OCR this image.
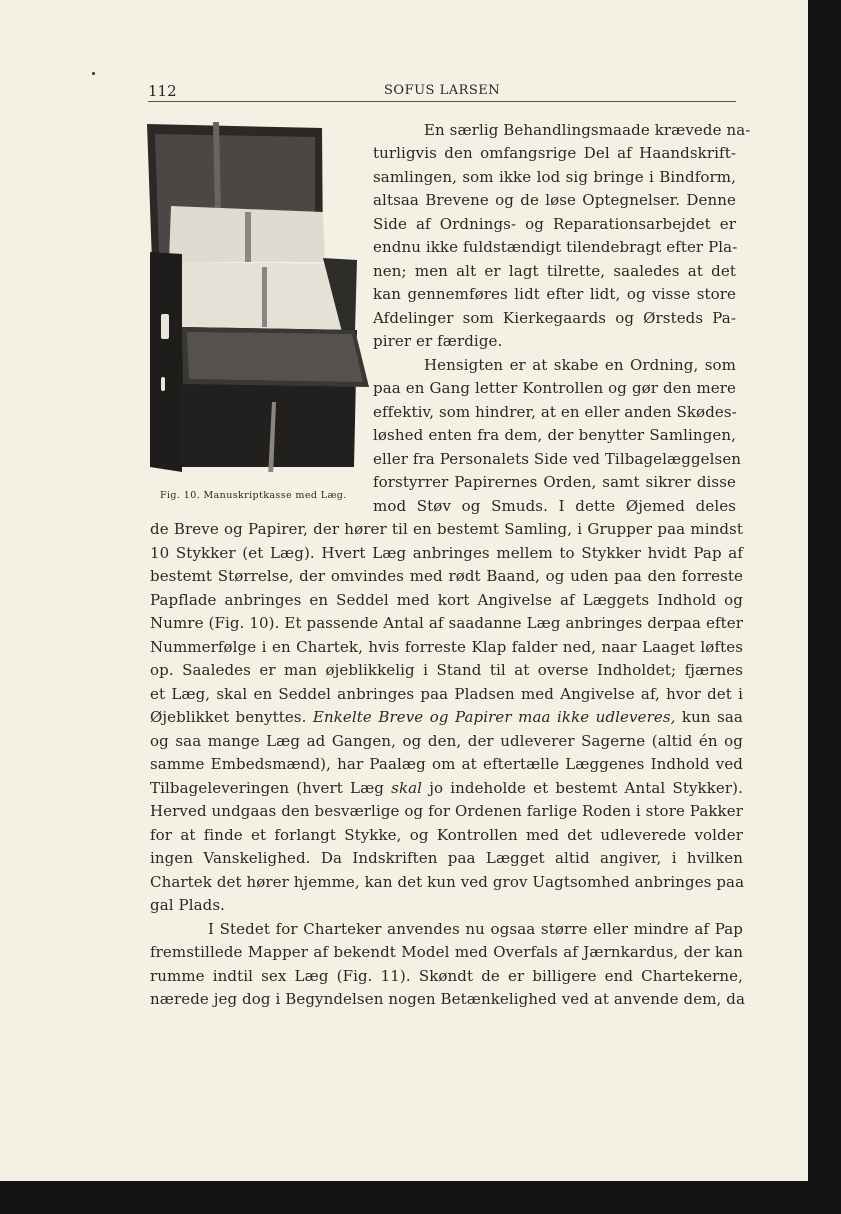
112	SOFUS LARSEN
Fig. 10. Manuskriptkasse med Læg.
En særlig Behandlingsmaade krævede na-
turligvis den omfangsrige Del af Haandskrift-
samlingen, som ikke lod sig bringe i Bindform,
altsaa Brevene og de løse Optegnelser. Denne
Side af Ordnings- og Reparationsarbejdet er
endnu ikke fuldstændigt tilendebragt efter Pla-
nen; men alt er lagt tilrette, saaledes at det
kan gennemføres lidt efter lidt, og visse store
Afdelinger som Kierkegaards og Ørsteds Pa-
pirer er færdige.
Hensigten er at skabe en Ordning, som
paa en Gang letter Kontrollen og gør den mere
effektiv, som hindrer, at en eller anden Skødes-
løshed enten fra dem, der benytter Samlingen,
eller fra Personalets Side ved Tilbagelæggelsen
forstyrrer Papirernes Orden, samt sikrer disse
mod Støv og Smuds. I dette Øjemed deles
de Breve og Papirer, der hører til en bestemt Samling, i Grupper paa mindst
10 Stykker (et Læg). Hvert Læg anbringes mellem to Stykker hvidt Pap af
bestemt Størrelse, der omvindes med rødt Baand, og uden paa den forreste
Papflade anbringes en Seddel med kort Angivelse af Læggets Indhold og
Numre (Fig. 10). Et passende Antal af saadanne Læg anbringes derpaa efter
Nummerfølge i en Chartek, hvis forreste Klap falder ned, naar Laaget løftes
op. Saaledes er man øjeblikkelig i Stand til at overse Indholdet; fjærnes
et Læg, skal en Seddel anbringes paa Pladsen med Angivelse af, hvor det i
Øjeblikket benyttes. Enkelte Breve og Papirer maa ikke udleveres, kun saa
og saa mange Læg ad Gangen, og den, der udleverer Sagerne (altid én og
samme Embedsmænd), har Paalæg om at eftertælle Læggenes Indhold ved
Tilbageleveringen (hvert Læg skal jo indeholde et bestemt Antal Stykker).
Herved undgaas den besværlige og for Ordenen farlige Roden i store Pakker
for at finde et forlangt Stykke, og Kontrollen med det udleverede volder
ingen Vanskelighed. Da Indskriften paa Lægget altid angiver, i hvilken
Chartek det hører hjemme, kan det kun ved grov Uagtsomhed anbringes paa
gal Plads.
I Stedet for Charteker anvendes nu ogsaa større eller mindre af Pap
fremstillede Mapper af bekendt Model med Overfals af Jærnkardus, der kan
rumme indtil sex Læg (Fig. 11). Skøndt de er billigere end Chartekerne,
nærede jeg dog i Begyndelsen nogen Betænkelighed ved at anvende dem, da
